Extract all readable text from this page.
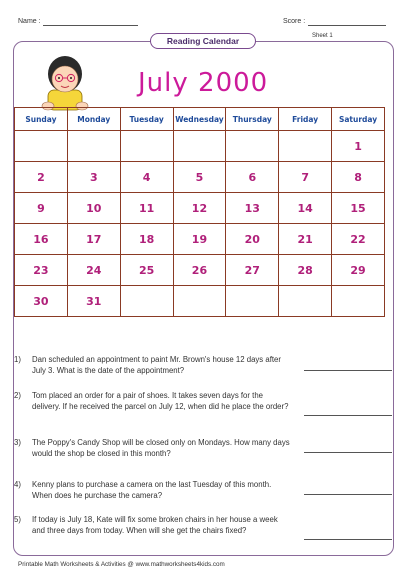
Name :	Score :
Reading Calendar	Sheet 1
July 2000
Sunday	Monday	Tuesday	Wednesday	Thursday	Friday	Saturday
						1
2	3	4	5	6	7	8
9	10	11	12	13	14	15
16	17	18	19	20	21	22
23	24	25	26	27	28	29
30	31					
1)	Dan scheduled an appointment to paint Mr. Brown's house 12 days after July 3. What is the date of the appointment?
2)	Tom placed an order for a pair of shoes. It takes seven days for the delivery. If he received the parcel on July 12, when did he place the order?
3)	The Poppy's Candy Shop will be closed only on Mondays. How many days would the shop be closed in this month?
4)	Kenny plans to purchase a camera on the last Tuesday of this month. When does he purchase the camera?
5)	If today is July 18, Kate will fix some broken chairs in her house a week and three days from today. When will she get the chairs fixed?
Printable Math Worksheets & Activities @ www.mathworksheets4kids.com
